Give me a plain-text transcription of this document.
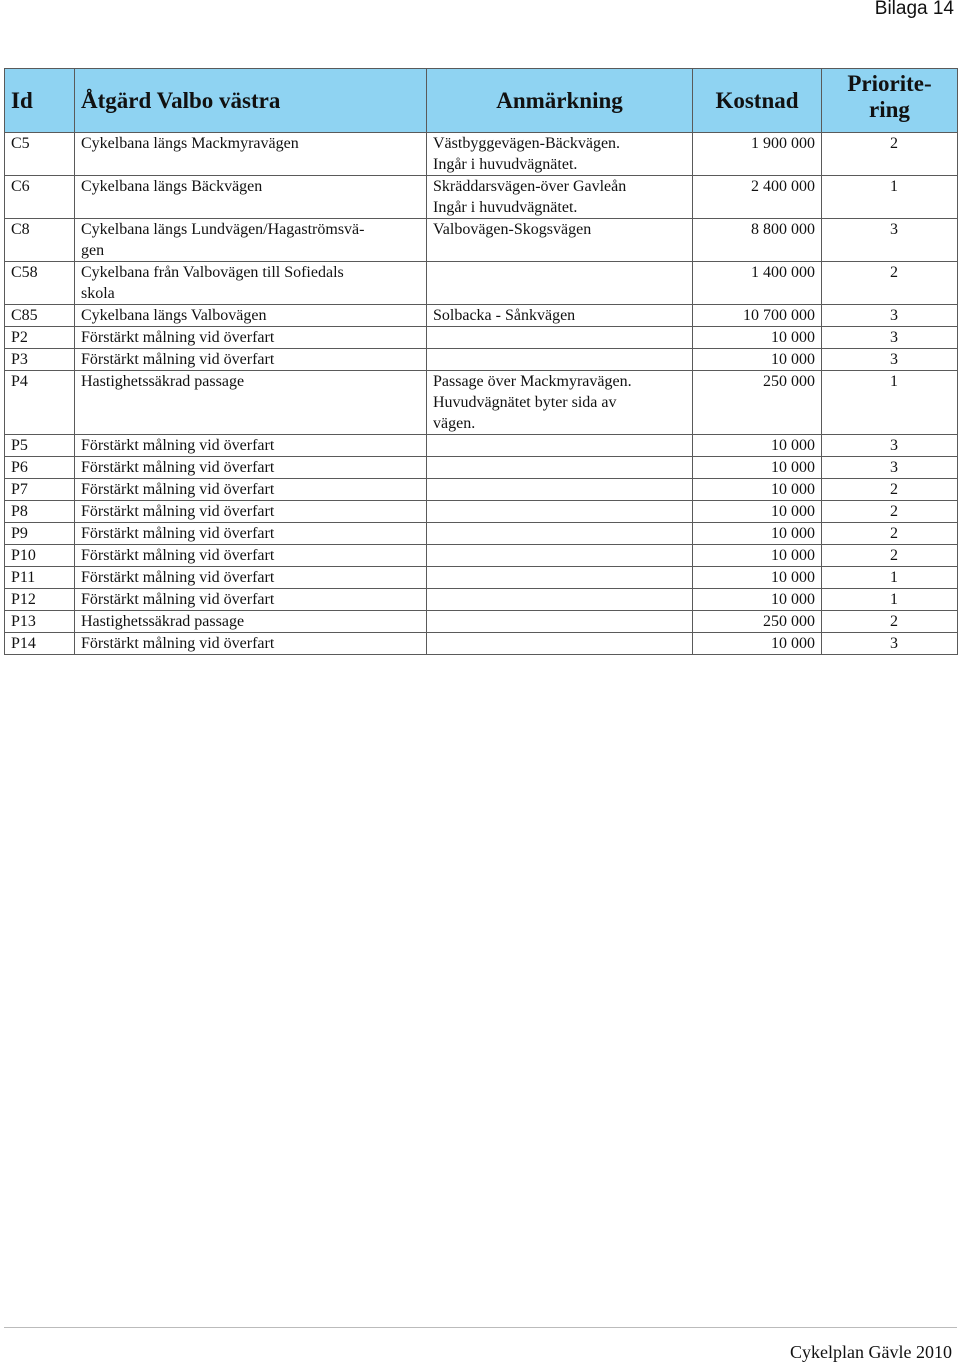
Bilaga 14
Id	Åtgärd Valbo västra	Anmärkning	Kostnad	Priorite-
ring

C5	Cykelbana längs Mackmyravägen	Västbyggevägen-Bäckvägen.
Ingår i huvudvägnätet.	1 900 000	2
C6	Cykelbana längs Bäckvägen	Skräddarsvägen-över Gavleån
Ingår i huvudvägnätet.	2 400 000	1
C8	Cykelbana längs Lundvägen/Hagaströmsvä-
gen	Valbovägen-Skogsvägen	8 800 000	3
C58	Cykelbana från Valbovägen till Sofiedals
skola		1 400 000	2
C85	Cykelbana längs Valbovägen	Solbacka - Sånkvägen	10 700 000	3
P2	Förstärkt målning vid överfart		10 000	3
P3	Förstärkt målning vid överfart		10 000	3
P4	Hastighetssäkrad passage	Passage över Mackmyravägen.
Huvudvägnätet byter sida av
vägen.	250 000	1
P5	Förstärkt målning vid överfart		10 000	3
P6	Förstärkt målning vid överfart		10 000	3
P7	Förstärkt målning vid överfart		10 000	2
P8	Förstärkt målning vid överfart		10 000	2
P9	Förstärkt målning vid överfart		10 000	2
P10	Förstärkt målning vid överfart		10 000	2
P11	Förstärkt målning vid överfart		10 000	1
P12	Förstärkt målning vid överfart		10 000	1
P13	Hastighetssäkrad passage		250 000	2
P14	Förstärkt målning vid överfart		10 000	3
Cykelplan Gävle 2010
